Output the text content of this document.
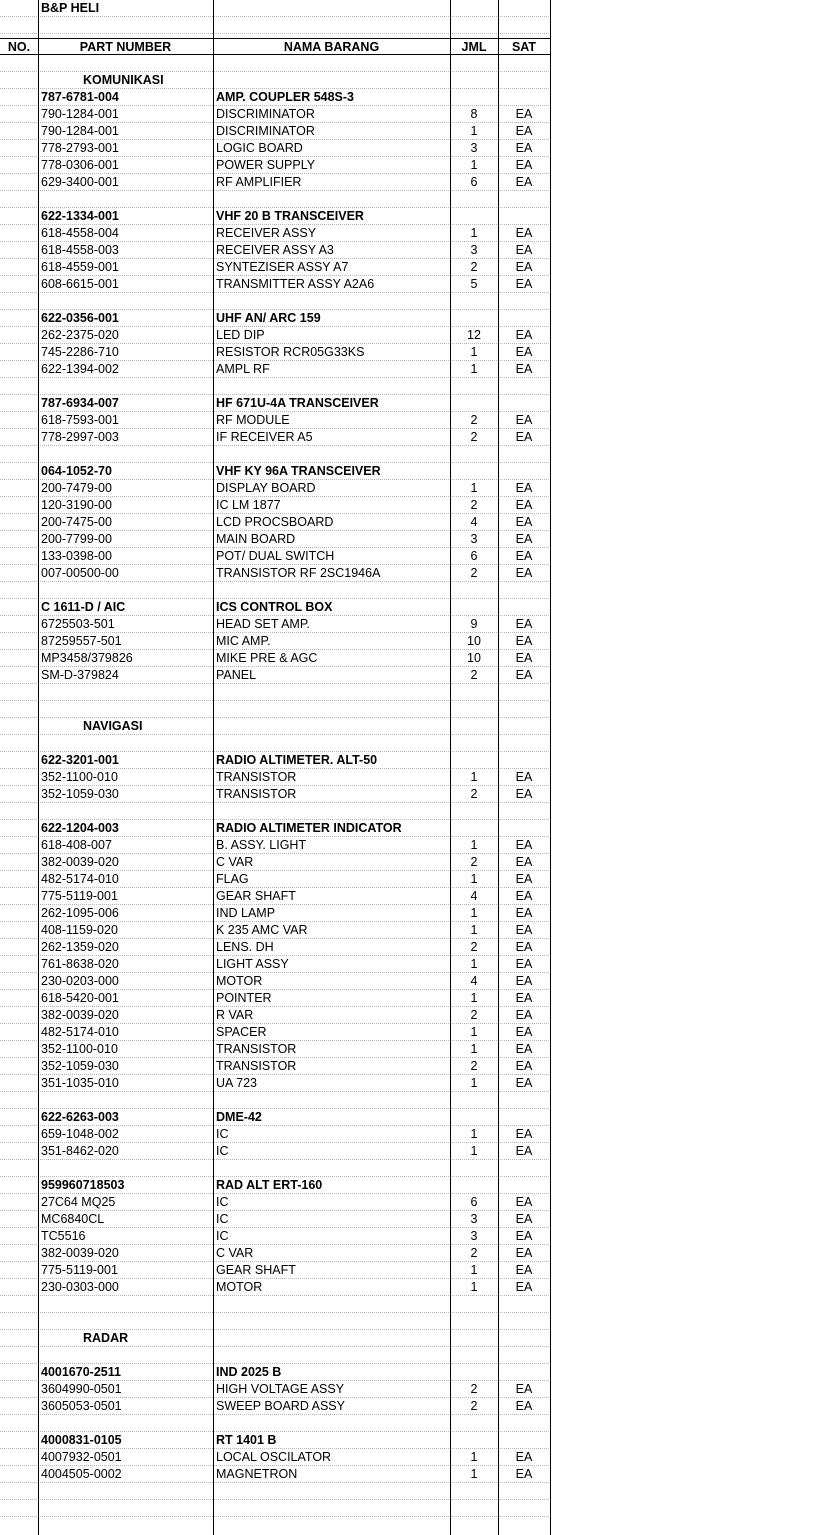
B&P HELI
NO.	PART NUMBER	NAMA BARANG	JML	SAT
KOMUNIKASI
787-6781-004	AMP. COUPLER 548S-3
790-1284-001	DISCRIMINATOR	8	EA
790-1284-001	DISCRIMINATOR	1	EA
778-2793-001	LOGIC BOARD	3	EA
778-0306-001	POWER SUPPLY	1	EA
629-3400-001	RF AMPLIFIER	6	EA
622-1334-001	VHF 20 B TRANSCEIVER
618-4558-004	RECEIVER ASSY	1	EA
618-4558-003	RECEIVER ASSY A3	3	EA
618-4559-001	SYNTEZISER ASSY A7	2	EA
608-6615-001	TRANSMITTER ASSY A2A6	5	EA
622-0356-001	UHF AN/ ARC 159
262-2375-020	LED DIP	12	EA
745-2286-710	RESISTOR RCR05G33KS	1	EA
622-1394-002	AMPL RF	1	EA
787-6934-007	HF 671U-4A TRANSCEIVER
618-7593-001	RF MODULE	2	EA
778-2997-003	IF RECEIVER A5	2	EA
064-1052-70	VHF KY 96A TRANSCEIVER
200-7479-00	DISPLAY BOARD	1	EA
120-3190-00	IC LM 1877	2	EA
200-7475-00	LCD PROCSBOARD	4	EA
200-7799-00	MAIN BOARD	3	EA
133-0398-00	POT/ DUAL SWITCH	6	EA
007-00500-00	TRANSISTOR RF 2SC1946A	2	EA
C 1611-D / AIC	ICS CONTROL BOX
6725503-501	HEAD SET AMP.	9	EA
87259557-501	MIC AMP.	10	EA
MP3458/379826	MIKE PRE & AGC	10	EA
SM-D-379824	PANEL	2	EA
NAVIGASI
622-3201-001	RADIO ALTIMETER. ALT-50
352-1100-010	TRANSISTOR	1	EA
352-1059-030	TRANSISTOR	2	EA
622-1204-003	RADIO ALTIMETER INDICATOR
618-408-007	B. ASSY. LIGHT	1	EA
382-0039-020	C VAR	2	EA
482-5174-010	FLAG	1	EA
775-5119-001	GEAR SHAFT	4	EA
262-1095-006	IND LAMP	1	EA
408-1159-020	K 235 AMC VAR	1	EA
262-1359-020	LENS. DH	2	EA
761-8638-020	LIGHT ASSY	1	EA
230-0203-000	MOTOR	4	EA
618-5420-001	POINTER	1	EA
382-0039-020	R VAR	2	EA
482-5174-010	SPACER	1	EA
352-1100-010	TRANSISTOR	1	EA
352-1059-030	TRANSISTOR	2	EA
351-1035-010	UA 723	1	EA
622-6263-003	DME-42
659-1048-002	IC	1	EA
351-8462-020	IC	1	EA
959960718503	RAD ALT ERT-160
27C64 MQ25	IC	6	EA
MC6840CL	IC	3	EA
TC5516	IC	3	EA
382-0039-020	C VAR	2	EA
775-5119-001	GEAR SHAFT	1	EA
230-0303-000	MOTOR	1	EA
RADAR
4001670-2511	IND 2025 B
3604990-0501	HIGH VOLTAGE ASSY	2	EA
3605053-0501	SWEEP BOARD ASSY	2	EA
4000831-0105	RT 1401 B
4007932-0501	LOCAL OSCILATOR	1	EA
4004505-0002	MAGNETRON	1	EA
